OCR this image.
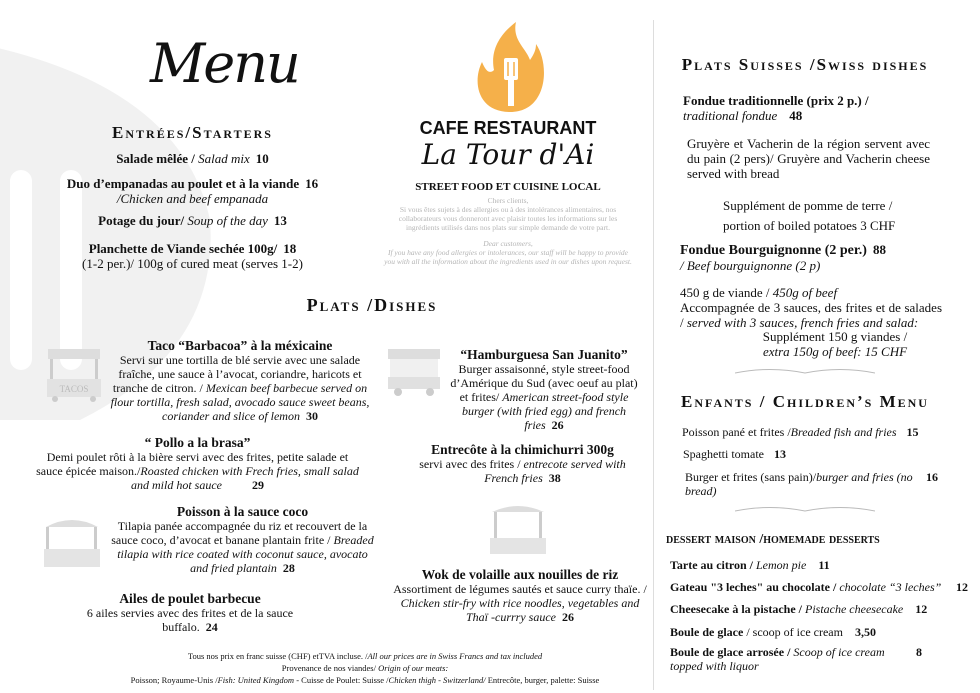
Menu
Entrées/Starters
Salade mêlée / Salad mix 10
Duo d’empanadas au poulet et à la viande 16
/Chicken and beef empanada
Potage du jour/ Soup of the day 13
Planchette de Viande sechée 100g/ 18
(1-2 per.)/ 100g of cured meat (serves 1-2)
CAFE RESTAURANT
La Tour d'Ai
STREET FOOD ET CUISINE LOCAL
Chers clients,
Si vous êtes sujets à des allergies ou à des intolérances alimentaires, nos collaborateurs vous donneront avec plaisir toutes les informations sur les ingrédients utilisés dans nos plats sur simple demande de votre part.
Dear customers,
If you have any food allergies or intolerances, our staff will be happy to provide you with all the information about the ingredients used in our dishes upon request.
Plats /Dishes
TACOS
Taco “Barbacoa” à la méxicaine
Servi sur une tortilla de blé servie avec une salade fraîche, une sauce à l’avocat, coriandre, haricots et tranche de citron. / Mexican beef barbecue served on flour tortilla, fresh salad, avocado sauce sweet beans, coriander and slice of lemon 30
“ Pollo a la brasa”
Demi poulet rôti à la bière servi avec des frites, petite salade et sauce épicée maison./Roasted chicken with Frech fries, small salad and mild hot sauce	29
Poisson à la sauce coco
Tilapia panée accompagnée du riz et recouvert de la sauce coco, d’avocat et banane plantain frite / Breaded tilapia with rice coated with coconut sauce, avocato and fried plantain 28
Ailes de poulet barbecue
6 ailes servies avec des frites et de la sauce buffalo. 24
“Hamburguesa San Juanito”
Burger assaisonné, style street-food d’Amérique du Sud (avec oeuf au plat) et frites/ American street-food style burger (with fried egg) and french fries 26
Entrecôte à la chimichurri 300g
servi avec des frites / entrecote served with French fries 38
Wok de volaille aux nouilles de riz
Assortiment de légumes sautés et sauce curry thaïe. / Chicken stir-fry with rice noodles, vegetables and Thaï -currry sauce 26
Tous nos prix en franc suisse (CHF) etTVA incluse. /All our prices are in Swiss Francs and tax included
Provenance de nos viandes/ Origin of our meats:
Poisson; Royaume-Unis /Fish: United Kingdom - Cuisse de Poulet: Suisse /Chicken thigh - Switzerland/ Entrecôte, burger, palette: Suisse
Plats Suisses /Swiss dishes
Fondue traditionnelle (prix 2 p.) /
traditional fondue 48
Gruyère et Vacherin de la région servent avec du pain (2 pers)/ Gruyère and Vacherin cheese served with bread
Supplément de pomme de terre /
portion of boiled potatoes 3 CHF
Fondue Bourguignonne (2 per.) 88
/ Beef bourguignonne (2 p)
450 g de viande / 450g of beef
Accompagnée de 3 sauces, des frites et de salades / served with 3 sauces, french fries and salad:
Supplément 150 g viandes /
extra 150g of beef: 15 CHF
Enfants / Children’s Menu
Poisson pané et frites /Breaded fish and fries 15
Spaghetti tomate 13
Burger et frites (sans pain)/burger and fries (no bread)
16
dessert maison /homemade desserts
Tarte au citron / Lemon pie 11
Gateau "3 leches" au chocolate / chocolate “3 leches” 12
Cheesecake à la pistache / Pistache cheesecake 12
Boule de glace / scoop of ice cream 3,50
Boule de glace arrosée / Scoop of ice cream topped with liquor
8
